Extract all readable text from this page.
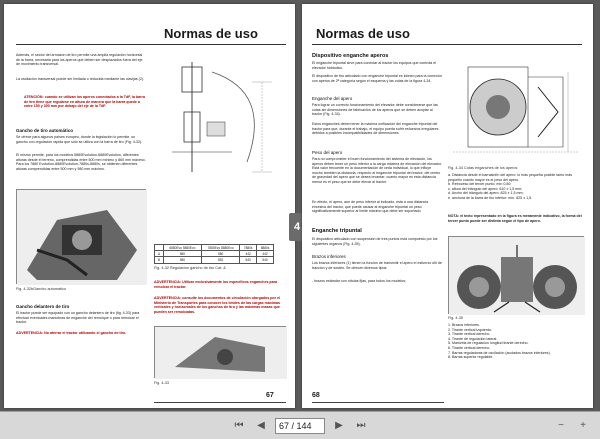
Normas de uso
Además, el sector del armazón de tiro permite una amplia regulación horizontal de la barra, necesaria para los aperos que deben ser desplazados fuera del eje de movimiento transversal.
La oscilación transversal puede ser limitada o reducida mediante las clavijas (2).
ATENCIÓN: cuando se utilizan los aperos conectados a la TdF, la barra de tiro tiene que regularse en altura de manera que la barra quede a entre 150 y 300 mm por debajo del eje de la TdF.
Gancho de tiro automático
Se ofrece para algunos países europeo, donde la legislación lo permite, un gancho con regulación rápida que sólo se utiliza con la barra de tiro (Fig. 4-32).
El mismo permite, para los modelos 5880Evolution-6880Evolution, diferentes alturas desde el terreno, comprendidas entre 500 mm mínimo y 860 mm máximo. Para los 7880 Evolution-8880Evolution-7880s-8880s, se obtienen diferentes alturas comprendidas entre 500 mm y 980 mm máximo.
Fig. 4-32bGancho automatico
Gancho delantero de tiro
El tractor puede ser equipado con un gancho delantero de tiro (fig. 4-33) para efectuar eventuales maniobras de enganche del remolque o para remolcar el tractor.
ADVERTENCIA: No aferrar el tractor utilizando el gancho de tiro.
	6880Evo 5880Evo	7880Evo 8880Evo	7880s	8880s
A	580	580	442	442
B	980	852	540	540
Fig. 4-32 Regulación gancho de tiro Cat. &
ADVERTENCIA: Utilizar exclusivamente los específicos enganches para remolcar el tractor.
ADVERTENCIA: consulte los documentos de circulación otorgados por el Ministerio de Transportes para conocer los límites de las cargas máximas verticales y horizontales de los ganchos de tiro y las máximas masas que pueden ser remolcadas.
Fig. 4-33
67
4
Normas de uso
Dispositivo enganche aperos
El enganche tripuntal sirve para conectar al tractor los equipos que controla el elevador hidráulico.
El dispositivo de tiro articulado con enganche tripuntal es idóneo para la conexión con aperos de 2ª categoría según el esquema y las cotas de la figura 4-34.
Enganche del apero
Para lograr un correcto funcionamiento del elevador debe considerarse que las cotas sin dimensiones de fabricación de los aperos que se deben acoplar al tractor (Fig. 4-34).
Estos enganches deben tener la máxima unificación del enganche tripuntal del tractor para que, durante el trabajo, el equipo pueda sufrir esfuerzos irregulares debidos a posibles incompatibilidades de dimensiones.
Peso del apero
Para no comprometer el buen funcionamiento del sistema de elevación, los aperos deben tener un peso inferior a la carga máxima de elevación del elevador. Está valor frecuente en la documentación de ceda individual, lo que influye mucho también la distancia, respecto al enganche tripuntal del tractor, del centro de gravedad del apero que se desea levantar: cuanto mayor es esta distancia menor es el peso que se debe elevar al tractor.
En efecto, el apero, aún de peso inferior al indicado, esta a una distancia excesiva del tractor, que puede causar al enganche tripuntal un peso significativamente superior al límite máximo que debe ser soportado.
Enganche tripuntal
El dispositivo articulado con suspensión de tres puntos está compuesto por los siguientes órganos (Fig. 4-35).
Brazos inferiores
Los brazos inferiores (1) tienen la función de transmitir el apero el esfuerzo útil de tracción y de sostén. Se ofrecen diversos tipos:
- brazos estándar con rótulas fijas, para todos los modelos;
Fig. 4-34 Cotas enganches de los aperos
a. Distancia desde el barrasinfín del apero: lo más pequeña posible tanto más pequeño cuanto mayor es el peso del apero.
b. Retroceso del tercer punto: mín 0,80;
c. altura del triángulo del apero: 610 ± 1,5 mm;
d. Ancho del triángulo del apero: 825 ± 1,5 mm;
e. anchura de la barra de tiro inferior: mín. 825 ± 1,5.
NOTA: el texto representado en la figura es meramente indicativo, la forma del tercer punto puede ser distinta según el tipo de apero.
Fig. 4-35
1. Brazos inferiores.
2. Tirante vertical izquierdo.
3. Tirante vertical derecho.
4. Tirante de regulación lateral.
5. Manivela de regulación longitud tirante derecho.
6. Tirante vertical derecho.
7. Barras reguladoras de oscilación (acolados brazos inferiores).
8. Barras superior regulable.
68
⏮	◀
67 / 144	▶	⏭	−	+
